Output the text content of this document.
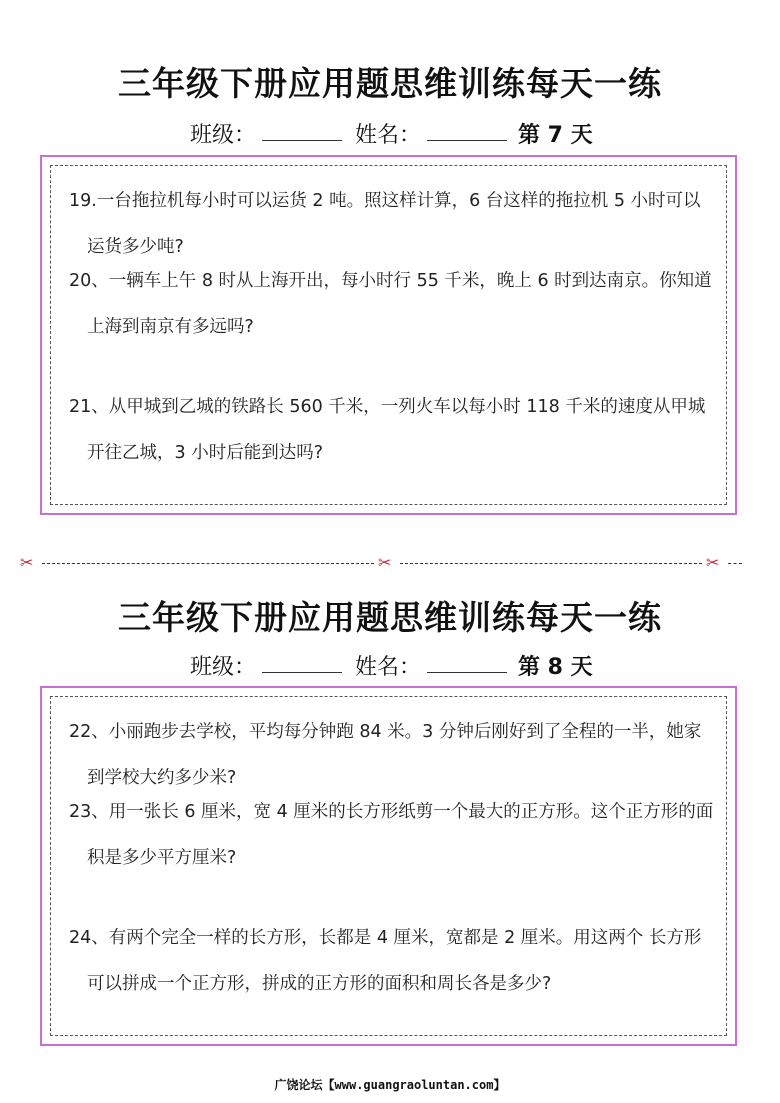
三年级下册应用题思维训练每天一练
班级：	姓名：	第 7 天
19.一台拖拉机每小时可以运货 2 吨。照这样计算，6 台这样的拖拉机 5 小时可以
运货多少吨?
20、一辆车上午 8 时从上海开出，每小时行 55 千米，晚上 6 时到达南京。你知道
上海到南京有多远吗?
21、从甲城到乙城的铁路长 560 千米，一列火车以每小时 118 千米的速度从甲城
开往乙城，3 小时后能到达吗?
✂	✂	✂
三年级下册应用题思维训练每天一练
班级：	姓名：	第 8 天
22、小丽跑步去学校，平均每分钟跑 84 米。3 分钟后刚好到了全程的一半，她家
到学校大约多少米?
23、用一张长 6 厘米，宽 4 厘米的长方形纸剪一个最大的正方形。这个正方形的面
积是多少平方厘米?
24、有两个完全一样的长方形，长都是 4 厘米，宽都是 2 厘米。用这两个 长方形
可以拼成一个正方形，拼成的正方形的面积和周长各是多少?
广饶论坛【www.guangraoluntan.com】
